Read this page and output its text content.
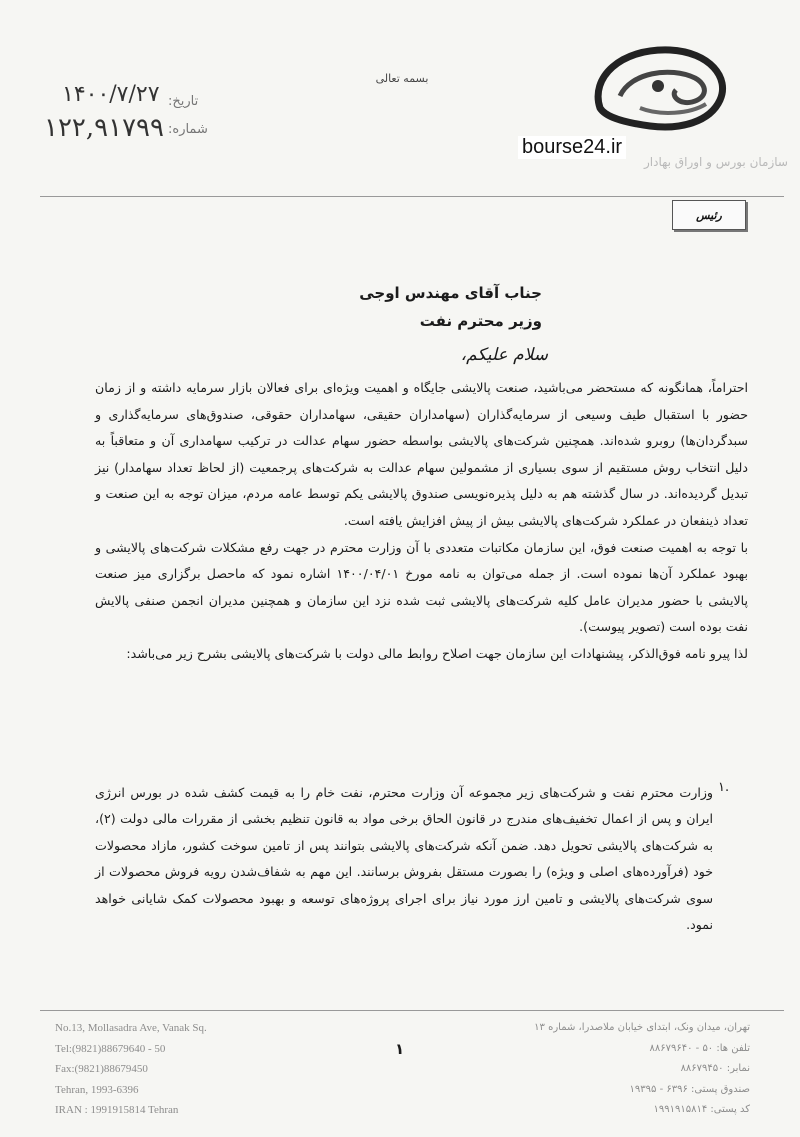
بسمه تعالی
۱۴۰۰/۷/۲۷ تاریخ:
۱۲۲,۹۱۷۹۹ شماره:
bourse24.ir
سازمان بورس و اوراق بهادار
رئیس
جناب آقای مهندس اوجی
وزیر محترم نفت
سلام علیکم،

احتراماً، همانگونه که مستحضر می‌باشید، صنعت پالایشی جایگاه و اهمیت ویژه‌ای برای فعالان بازار سرمایه داشته و از زمان حضور با استقبال طیف وسیعی از سرمایه‌گذاران (سهامداران حقیقی، سهامداران حقوقی، صندوق‌های سرمایه‌گذاری و سبدگردان‌ها) روبرو شده‌اند. همچنین شرکت‌های پالایشی بواسطه حضور سهام عدالت در ترکیب سهامداری آن و متعاقباً به دلیل انتخاب روش مستقیم از سوی بسیاری از مشمولین سهام عدالت به شرکت‌های پرجمعیت (از لحاظ تعداد سهامدار) نیز تبدیل گردیده‌اند. در سال گذشته هم به دلیل پذیره‌نویسی صندوق پالایشی یکم توسط عامه مردم، میزان توجه به این صنعت و تعداد ذینفعان در عملکرد شرکت‌های پالایشی بیش از پیش افزایش یافته است.

با توجه به اهمیت صنعت فوق، این سازمان مکاتبات متعددی با آن وزارت محترم در جهت رفع مشکلات شرکت‌های پالایشی و بهبود عملکرد آن‌ها نموده است. از جمله می‌توان به نامه مورخ ۱۴۰۰/۰۴/۰۱ اشاره نمود که ماحصل برگزاری میز صنعت پالایشی با حضور مدیران عامل کلیه شرکت‌های پالایشی ثبت شده نزد این سازمان و همچنین مدیران انجمن صنفی پالایش نفت بوده است (تصویر پیوست).

لذا پیرو نامه فوق‌الذکر، پیشنهادات این سازمان جهت اصلاح روابط مالی دولت با شرکت‌های پالایشی بشرح زیر می‌باشد:

۱.
وزارت محترم نفت و شرکت‌های زیر مجموعه آن وزارت محترم، نفت خام را به قیمت کشف شده در بورس انرژی ایران و پس از اعمال تخفیف‌های مندرج در قانون الحاق برخی مواد به قانون تنظیم بخشی از مقررات مالی دولت (۲)، به شرکت‌های پالایشی تحویل دهد. ضمن آنکه شرکت‌های پالایشی بتوانند پس از تامین سوخت کشور، مازاد محصولات خود (فرآورده‌های اصلی و ویژه) را بصورت مستقل بفروش برسانند. این مهم به شفاف‌شدن رویه فروش محصولات از سوی شرکت‌های پالایشی و تامین ارز مورد نیاز برای اجرای پروژه‌های توسعه و بهبود محصولات کمک شایانی خواهد نمود.
No.13, Mollasadra Ave, Vanak Sq.
Tel:(9821)88679640 - 50
Fax:(9821)88679450
Tehran, 1993-6396
IRAN : 1991915814 Tehran
۱
تهران، میدان ونک، ابتدای خیابان ملاصدرا، شماره ۱۳
تلفن ها: ۵۰ - ۸۸۶۷۹۶۴۰
نمابر: ۸۸۶۷۹۴۵۰
صندوق پستی: ۶۳۹۶ - ۱۹۳۹۵
کد پستی: ۱۹۹۱۹۱۵۸۱۴
